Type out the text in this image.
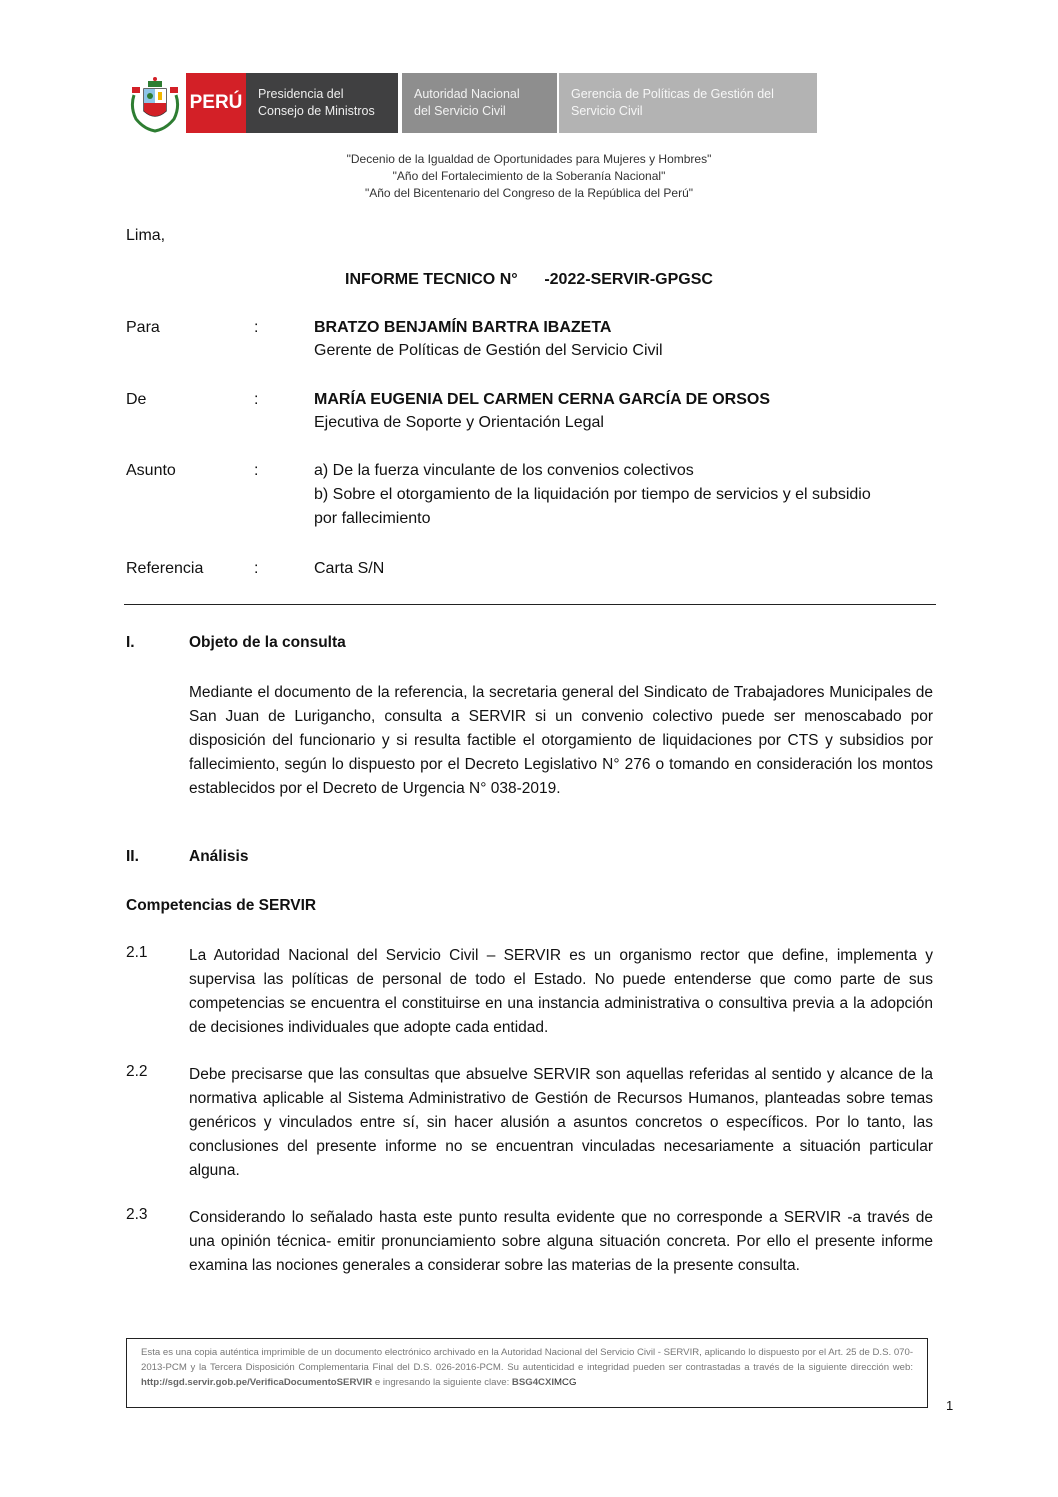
PERÚ Presidencia del
Consejo de Ministros
Autoridad Nacional
del Servicio Civil
Gerencia de Políticas de Gestión del
Servicio Civil
"Decenio de la Igualdad de Oportunidades para Mujeres y Hombres"
"Año del Fortalecimiento de la Soberanía Nacional"
"Año del Bicentenario del Congreso de la República del Perú"
Lima,
INFORME TECNICO N°      -2022-SERVIR-GPGSC
Para	:	BRATZO BENJAMÍN BARTRA IBAZETA
Gerente de Políticas de Gestión del Servicio Civil
De	:	MARÍA EUGENIA DEL CARMEN CERNA GARCÍA DE ORSOS
Ejecutiva de Soporte y Orientación Legal
Asunto	:	a) De la fuerza vinculante de los convenios colectivos
b) Sobre el otorgamiento de la liquidación por tiempo de servicios y el subsidio
por fallecimiento
Referencia	:	Carta S/N
I.	Objeto de la consulta
Mediante el documento de la referencia, la secretaria general del Sindicato de Trabajadores Municipales de San Juan de Lurigancho, consulta a SERVIR si un convenio colectivo puede ser menoscabado por disposición del funcionario y si resulta factible el otorgamiento de liquidaciones por CTS y subsidios por fallecimiento, según lo dispuesto por el Decreto Legislativo N° 276 o tomando en consideración los montos establecidos por el Decreto de Urgencia N° 038-2019.
II.	Análisis
Competencias de SERVIR
2.1	La Autoridad Nacional del Servicio Civil – SERVIR es un organismo rector que define, implementa y supervisa las políticas de personal de todo el Estado. No puede entenderse que como parte de sus competencias se encuentra el constituirse en una instancia administrativa o consultiva previa a la adopción de decisiones individuales que adopte cada entidad.
2.2	Debe precisarse que las consultas que absuelve SERVIR son aquellas referidas al sentido y alcance de la normativa aplicable al Sistema Administrativo de Gestión de Recursos Humanos, planteadas sobre temas genéricos y vinculados entre sí, sin hacer alusión a asuntos concretos o específicos. Por lo tanto, las conclusiones del presente informe no se encuentran vinculadas necesariamente a situación particular alguna.
2.3	Considerando lo señalado hasta este punto resulta evidente que no corresponde a SERVIR -a través de una opinión técnica- emitir pronunciamiento sobre alguna situación concreta. Por ello el presente informe examina las nociones generales a considerar sobre las materias de la presente consulta.
Esta es una copia auténtica imprimible de un documento electrónico archivado en la Autoridad Nacional del Servicio Civil - SERVIR, aplicando lo dispuesto por el Art. 25 de D.S. 070-2013-PCM y la Tercera Disposición Complementaria Final del D.S. 026-2016-PCM. Su autenticidad e integridad pueden ser contrastadas a través de la siguiente dirección web: http://sgd.servir.gob.pe/VerificaDocumentoSERVIR e ingresando la siguiente clave: BSG4CXIMCG
1
